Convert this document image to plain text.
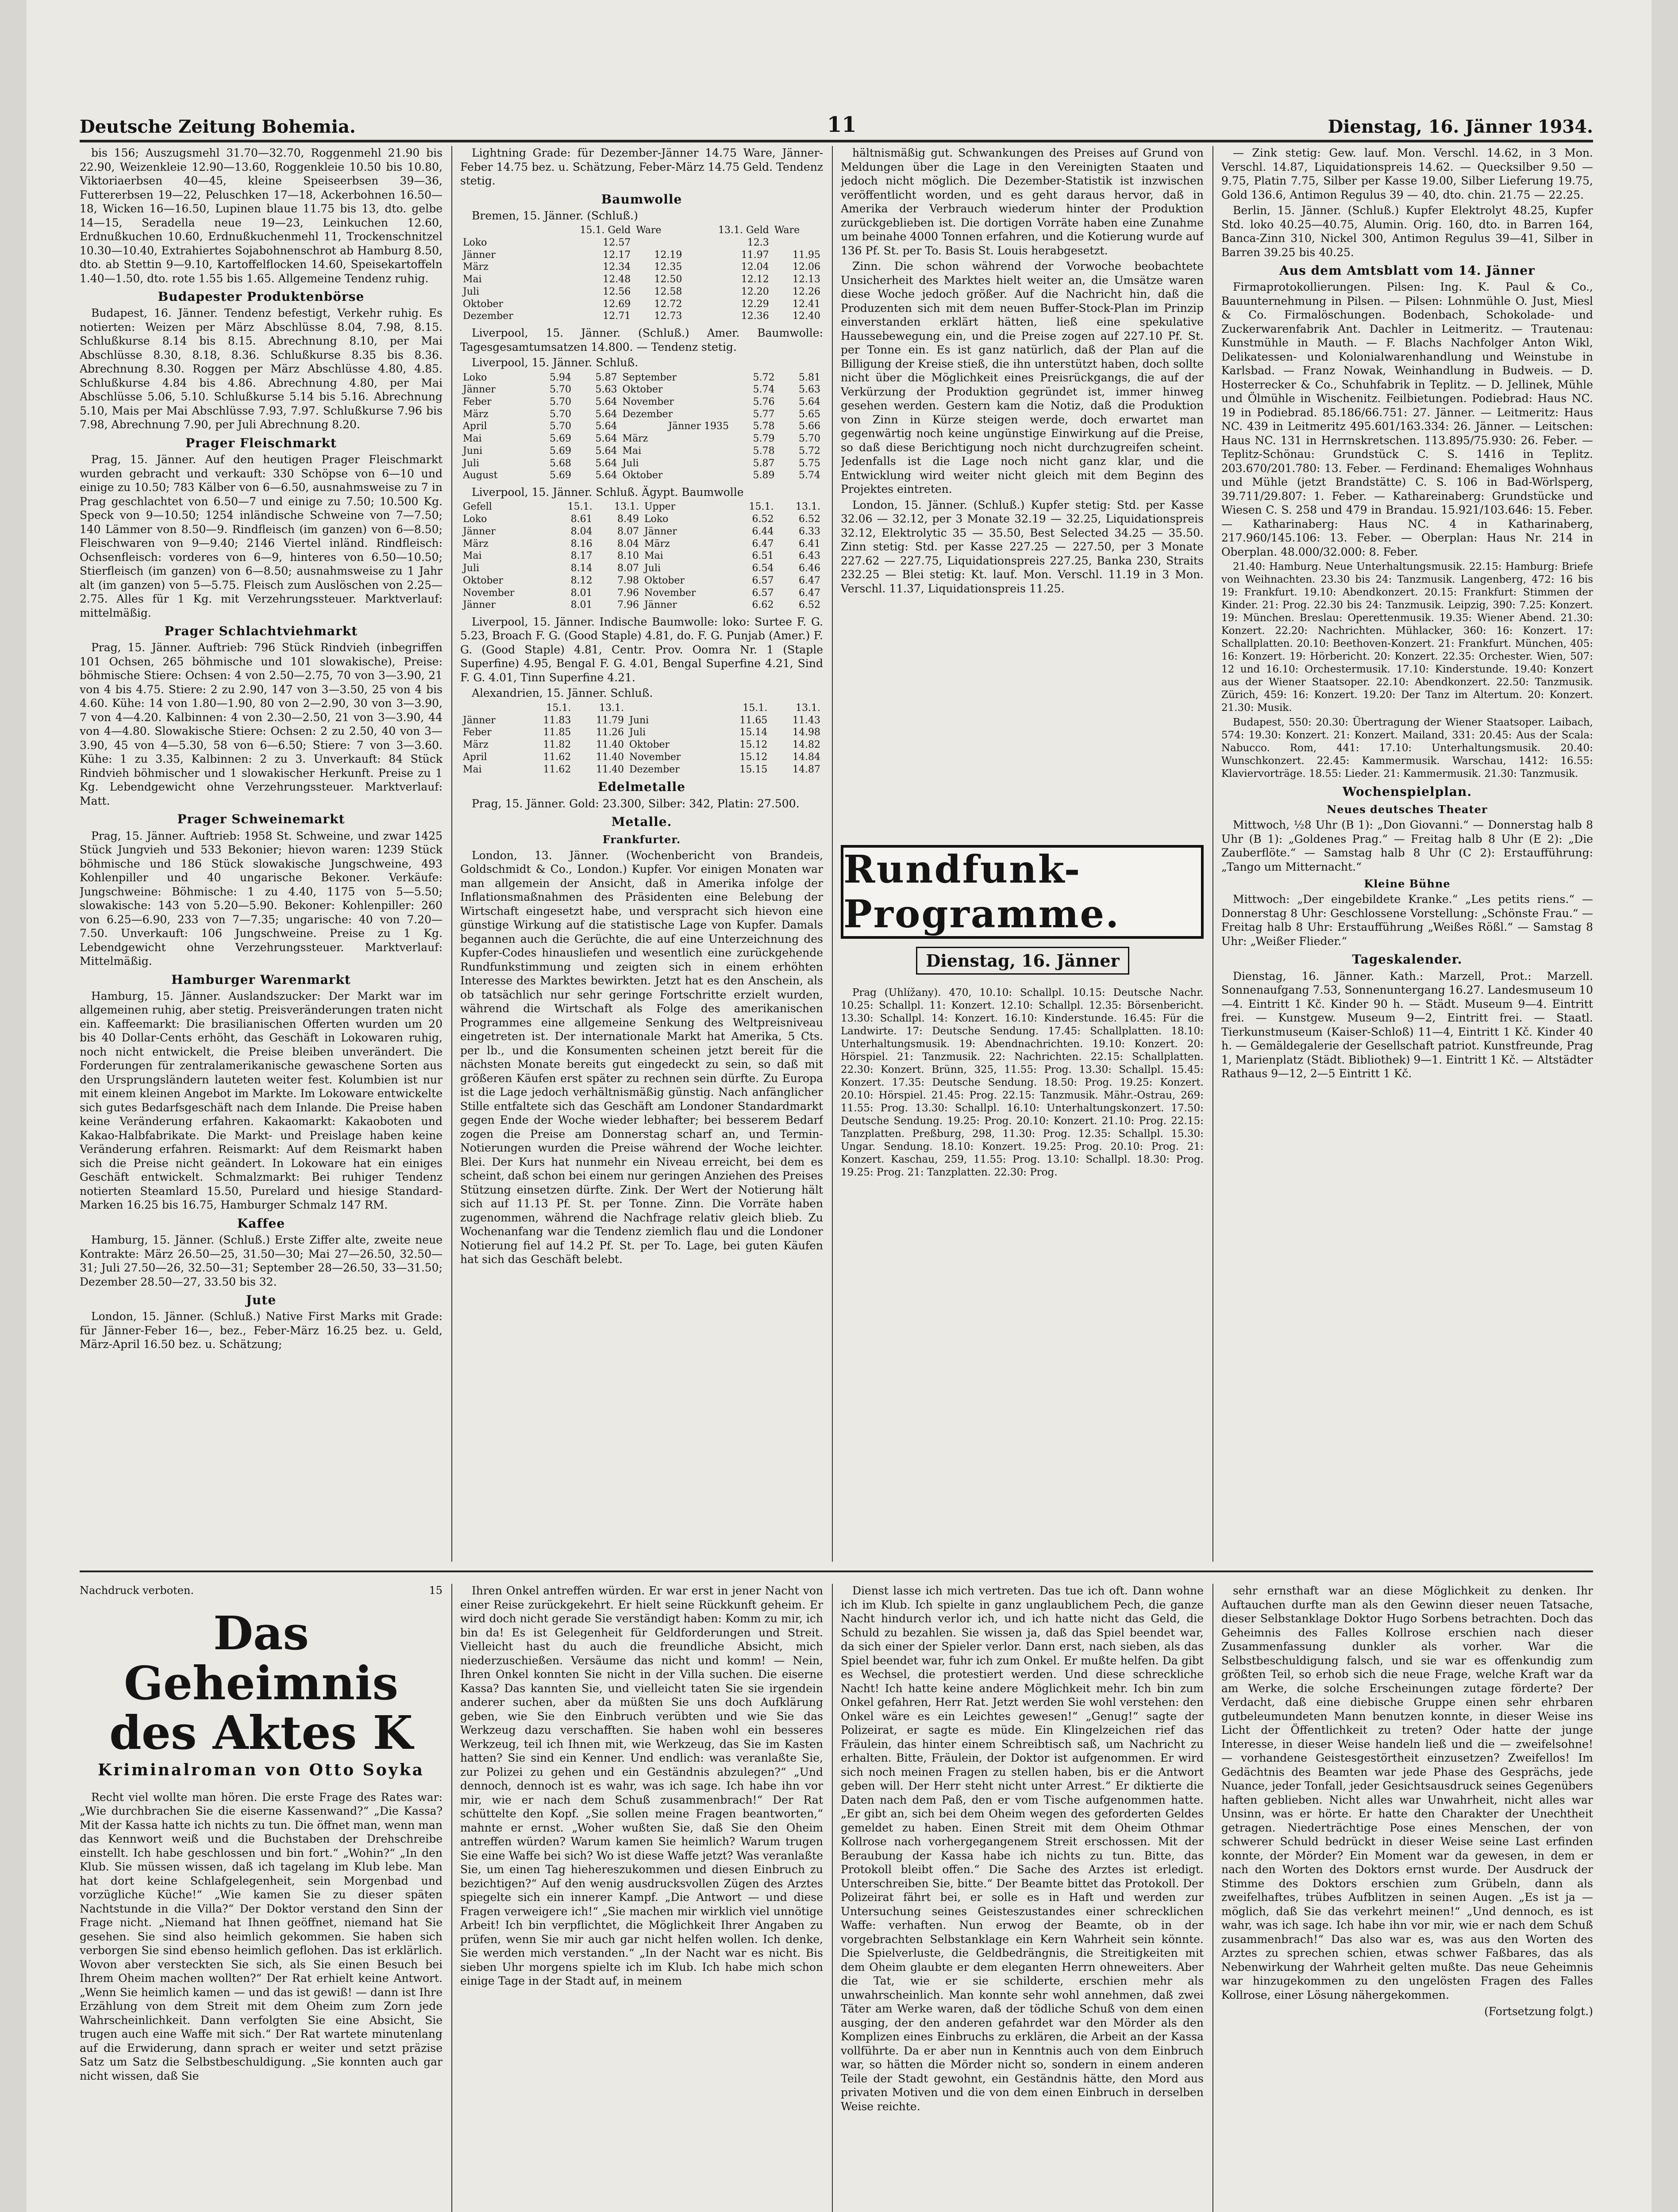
Deutsche Zeitung Bohemia.	11	Dienstag, 16. Jänner 1934.

bis 156; Auszugsmehl 31.70—32.70, Roggenmehl 21.90 bis 22.90, Weizenkleie 12.90—13.60, Roggenkleie 10.50 bis 10.80, Viktoriaerbsen 40—45, kleine Speiseerbsen 39—36, Futtererbsen 19—22, Peluschken 17—18, Ackerbohnen 16.50—18, Wicken 16—16.50, Lupinen blaue 11.75 bis 13, dto. gelbe 14—15, Seradella neue 19—23, Leinkuchen 12.60, Erdnußkuchen 10.60, Erdnußkuchenmehl 11, Trockenschnitzel 10.30—10.40, Extrahiertes Sojabohnenschrot ab Hamburg 8.50, dto. ab Stettin 9—9.10, Kartoffelflocken 14.60, Speisekartoffeln 1.40—1.50, dto. rote 1.55 bis 1.65. Allgemeine Tendenz ruhig.

Budapester Produktenbörse

Budapest, 16. Jänner. Tendenz befestigt, Verkehr ruhig. Es notierten: Weizen per März Abschlüsse 8.04, 7.98, 8.15. Schlußkurse 8.14 bis 8.15. Abrechnung 8.10, per Mai Abschlüsse 8.30, 8.18, 8.36. Schlußkurse 8.35 bis 8.36. Abrechnung 8.30. Roggen per März Abschlüsse 4.80, 4.85. Schlußkurse 4.84 bis 4.86. Abrechnung 4.80, per Mai Abschlüsse 5.06, 5.10. Schlußkurse 5.14 bis 5.16. Abrechnung 5.10, Mais per Mai Abschlüsse 7.93, 7.97. Schlußkurse 7.96 bis 7.98, Abrechnung 7.90, per Juli Abrechnung 8.20.

Prager Fleischmarkt

Prag, 15. Jänner. Auf den heutigen Prager Fleischmarkt wurden gebracht und verkauft: 330 Schöpse von 6—10 und einige zu 10.50; 783 Kälber von 6—6.50, ausnahmsweise zu 7 in Prag geschlachtet von 6.50—7 und einige zu 7.50; 10.500 Kg. Speck von 9—10.50; 1254 inländische Schweine von 7—7.50; 140 Lämmer von 8.50—9. Rindfleisch (im ganzen) von 6—8.50; Fleischwaren von 9—9.40; 2146 Viertel inländ. Rindfleisch: Ochsenfleisch: vorderes von 6—9, hinteres von 6.50—10.50; Stierfleisch (im ganzen) von 6—8.50; ausnahmsweise zu 1 Jahr alt (im ganzen) von 5—5.75. Fleisch zum Auslöschen von 2.25—2.75. Alles für 1 Kg. mit Verzehrungssteuer. Marktverlauf: mittelmäßig.

Prager Schlachtviehmarkt

Prag, 15. Jänner. Auftrieb: 796 Stück Rindvieh (inbegriffen 101 Ochsen, 265 böhmische und 101 slowakische), Preise: böhmische Stiere: Ochsen: 4 von 2.50—2.75, 70 von 3—3.90, 21 von 4 bis 4.75. Stiere: 2 zu 2.90, 147 von 3—3.50, 25 von 4 bis 4.60. Kühe: 14 von 1.80—1.90, 80 von 2—2.90, 30 von 3—3.90, 7 von 4—4.20. Kalbinnen: 4 von 2.30—2.50, 21 von 3—3.90, 44 von 4—4.80. Slowakische Stiere: Ochsen: 2 zu 2.50, 40 von 3—3.90, 45 von 4—5.30, 58 von 6—6.50; Stiere: 7 von 3—3.60. Kühe: 1 zu 3.35, Kalbinnen: 2 zu 3. Unverkauft: 84 Stück Rindvieh böhmischer und 1 slowakischer Herkunft. Preise zu 1 Kg. Lebendgewicht ohne Verzehrungssteuer. Marktverlauf: Matt.

Prager Schweinemarkt

Prag, 15. Jänner. Auftrieb: 1958 St. Schweine, und zwar 1425 Stück Jungvieh und 533 Bekonier; hievon waren: 1239 Stück böhmische und 186 Stück slowakische Jungschweine, 493 Kohlenpiller und 40 ungarische Bekoner. Verkäufe: Jungschweine: Böhmische: 1 zu 4.40, 1175 von 5—5.50; slowakische: 143 von 5.20—5.90. Bekoner: Kohlenpiller: 260 von 6.25—6.90, 233 von 7—7.35; ungarische: 40 von 7.20—7.50. Unverkauft: 106 Jungschweine. Preise zu 1 Kg. Lebendgewicht ohne Verzehrungssteuer. Marktverlauf: Mittelmäßig.

Hamburger Warenmarkt

Hamburg, 15. Jänner. Auslandszucker: Der Markt war im allgemeinen ruhig, aber stetig. Preisveränderungen traten nicht ein. Kaffeemarkt: Die brasilianischen Offerten wurden um 20 bis 40 Dollar-Cents erhöht, das Geschäft in Lokowaren ruhig, noch nicht entwickelt, die Preise bleiben unverändert. Die Forderungen für zentralamerikanische gewaschene Sorten aus den Ursprungsländern lauteten weiter fest. Kolumbien ist nur mit einem kleinen Angebot im Markte. Im Lokoware entwickelte sich gutes Bedarfsgeschäft nach dem Inlande. Die Preise haben keine Veränderung erfahren. Kakaomarkt: Kakaoboten und Kakao-Halbfabrikate. Die Markt- und Preislage haben keine Veränderung erfahren. Reismarkt: Auf dem Reismarkt haben sich die Preise nicht geändert. In Lokoware hat ein einiges Geschäft entwickelt. Schmalzmarkt: Bei ruhiger Tendenz notierten Steamlard 15.50, Purelard und hiesige Standard-Marken 16.25 bis 16.75, Hamburger Schmalz 147 RM.

Kaffee

Hamburg, 15. Jänner. (Schluß.) Erste Ziffer alte, zweite neue Kontrakte: März 26.50—25, 31.50—30; Mai 27—26.50, 32.50—31; Juli 27.50—26, 32.50—31; September 28—26.50, 33—31.50; Dezember 28.50—27, 33.50 bis 32.

Jute

London, 15. Jänner. (Schluß.) Native First Marks mit Grade: für Jänner-Feber 16—, bez., Feber-März 16.25 bez. u. Geld, März-April 16.50 bez. u. Schätzung;

Lightning Grade: für Dezember-Jänner 14.75 Ware, Jänner-Feber 14.75 bez. u. Schätzung, Feber-März 14.75 Geld. Tendenz stetig.

Baumwolle

Bremen, 15. Jänner. (Schluß.)

	15.1. Geld	Ware	13.1. Geld	Ware
Loko	12.57		12.3	
Jänner	12.17	12.19	11.97	11.95
März	12.34	12.35	12.04	12.06
Mai	12.48	12.50	12.12	12.13
Juli	12.56	12.58	12.20	12.26
Oktober	12.69	12.72	12.29	12.41
Dezember	12.71	12.73	12.36	12.40

Liverpool, 15. Jänner. (Schluß.) Amer. Baumwolle: Tagesgesamtumsatzen 14.800. — Tendenz stetig.

Liverpool, 15. Jänner. Schluß.

Loko	5.94	5.87	September	5.72	5.81
Jänner	5.70	5.63	Oktober	5.74	5.63
Feber	5.70	5.64	November	5.76	5.64
März	5.70	5.64	Dezember	5.77	5.65
April	5.70	5.64	Jänner 1935	5.78	5.66
Mai	5.69	5.64	März	5.79	5.70
Juni	5.69	5.64	Mai	5.78	5.72
Juli	5.68	5.64	Juli	5.87	5.75
August	5.69	5.64	Oktober	5.89	5.74

Liverpool, 15. Jänner. Schluß. Ägypt. Baumwolle

Gefell	15.1.	13.1.	Upper	15.1.	13.1.
Loko	8.61	8.49	Loko	6.52	6.52
Jänner	8.04	8.07	Jänner	6.44	6.33
März	8.16	8.04	März	6.47	6.41
Mai	8.17	8.10	Mai	6.51	6.43
Juli	8.14	8.07	Juli	6.54	6.46
Oktober	8.12	7.98	Oktober	6.57	6.47
November	8.01	7.96	November	6.57	6.47
Jänner	8.01	7.96	Jänner	6.62	6.52

Liverpool, 15. Jänner. Indische Baumwolle: loko: Surtee F. G. 5.23, Broach F. G. (Good Staple) 4.81, do. F. G. Punjab (Amer.) F. G. (Good Staple) 4.81, Centr. Prov. Oomra Nr. 1 (Staple Superfine) 4.95, Bengal F. G. 4.01, Bengal Superfine 4.21, Sind F. G. 4.01, Tinn Superfine 4.21.

Alexandrien, 15. Jänner. Schluß.

	15.1.	13.1.		15.1.	13.1.
Jänner	11.83	11.79	Juni	11.65	11.43
Feber	11.85	11.26	Juli	15.14	14.98
März	11.82	11.40	Oktober	15.12	14.82
April	11.62	11.40	November	15.12	14.84
Mai	11.62	11.40	Dezember	15.15	14.87
Edelmetalle

Prag, 15. Jänner. Gold: 23.300, Silber: 342, Platin: 27.500.

Metalle.
Frankfurter.

London, 13. Jänner. (Wochenbericht von Brandeis, Goldschmidt & Co., London.) Kupfer. Vor einigen Monaten war man allgemein der Ansicht, daß in Amerika infolge der Inflationsmaßnahmen des Präsidenten eine Belebung der Wirtschaft eingesetzt habe, und verspracht sich hievon eine günstige Wirkung auf die statistische Lage von Kupfer. Damals begannen auch die Gerüchte, die auf eine Unterzeichnung des Kupfer-Codes hinausliefen und wesentlich eine zurückgehende Rundfunkstimmung und zeigten sich in einem erhöhten Interesse des Marktes bewirkten. Jetzt hat es den Anschein, als ob tatsächlich nur sehr geringe Fortschritte erzielt wurden, während die Wirtschaft als Folge des amerikanischen Programmes eine allgemeine Senkung des Weltpreisniveau eingetreten ist. Der internationale Markt hat Amerika, 5 Cts. per lb., und die Konsumenten scheinen jetzt bereit für die nächsten Monate bereits gut eingedeckt zu sein, so daß mit größeren Käufen erst später zu rechnen sein dürfte. Zu Europa ist die Lage jedoch verhältnismäßig günstig. Nach anfänglicher Stille entfaltete sich das Geschäft am Londoner Standardmarkt gegen Ende der Woche wieder lebhafter; bei besserem Bedarf zogen die Preise am Donnerstag scharf an, und Termin-Notierungen wurden die Preise während der Woche leichter. Blei. Der Kurs hat nunmehr ein Niveau erreicht, bei dem es scheint, daß schon bei einem nur geringen Anziehen des Preises Stützung einsetzen dürfte. Zink. Der Wert der Notierung hält sich auf 11.13 Pf. St. per Tonne. Zinn. Die Vorräte haben zugenommen, während die Nachfrage relativ gleich blieb. Zu Wochenanfang war die Tendenz ziemlich flau und die Londoner Notierung fiel auf 14.2 Pf. St. per To. Lage, bei guten Käufen hat sich das Geschäft belebt.

hältnismäßig gut. Schwankungen des Preises auf Grund von Meldungen über die Lage in den Vereinigten Staaten und jedoch nicht möglich. Die Dezember-Statistik ist inzwischen veröffentlicht worden, und es geht daraus hervor, daß in Amerika der Verbrauch wiederum hinter der Produktion zurückgeblieben ist. Die dortigen Vorräte haben eine Zunahme um beinahe 4000 Tonnen erfahren, und die Kotierung wurde auf 136 Pf. St. per To. Basis St. Louis herabgesetzt.

Zinn. Die schon während der Vorwoche beobachtete Unsicherheit des Marktes hielt weiter an, die Umsätze waren diese Woche jedoch größer. Auf die Nachricht hin, daß die Produzenten sich mit dem neuen Buffer-Stock-Plan im Prinzip einverstanden erklärt hätten, ließ eine spekulative Haussebewegung ein, und die Preise zogen auf 227.10 Pf. St. per Tonne ein. Es ist ganz natürlich, daß der Plan auf die Billigung der Kreise stieß, die ihn unterstützt haben, doch sollte nicht über die Möglichkeit eines Preisrückgangs, die auf der Verkürzung der Produktion gegründet ist, immer hinweg gesehen werden. Gestern kam die Notiz, daß die Produktion von Zinn in Kürze steigen werde, doch erwartet man gegenwärtig noch keine ungünstige Einwirkung auf die Preise, so daß diese Berichtigung noch nicht durchzugreifen scheint. Jedenfalls ist die Lage noch nicht ganz klar, und die Entwicklung wird weiter nicht gleich mit dem Beginn des Projektes eintreten.

London, 15. Jänner. (Schluß.) Kupfer stetig: Std. per Kasse 32.06 — 32.12, per 3 Monate 32.19 — 32.25, Liquidationspreis 32.12, Elektrolytic 35 — 35.50, Best Selected 34.25 — 35.50. Zinn stetig: Std. per Kasse 227.25 — 227.50, per 3 Monate 227.62 — 227.75, Liquidationspreis 227.25, Banka 230, Straits 232.25 — Blei stetig: Kt. lauf. Mon. Verschl. 11.19 in 3 Mon. Verschl. 11.37, Liquidationspreis 11.25.

Rundfunk-Programme.
Dienstag, 16. Jänner

Prag (Uhlížany). 470, 10.10: Schallpl. 10.15: Deutsche Nachr. 10.25: Schallpl. 11: Konzert. 12.10: Schallpl. 12.35: Börsenbericht. 13.30: Schallpl. 14: Konzert. 16.10: Kinderstunde. 16.45: Für die Landwirte. 17: Deutsche Sendung. 17.45: Schallplatten. 18.10: Unterhaltungsmusik. 19: Abendnachrichten. 19.10: Konzert. 20: Hörspiel. 21: Tanzmusik. 22: Nachrichten. 22.15: Schallplatten. 22.30: Konzert. Brünn, 325, 11.55: Prog. 13.30: Schallpl. 15.45: Konzert. 17.35: Deutsche Sendung. 18.50: Prog. 19.25: Konzert. 20.10: Hörspiel. 21.45: Prog. 22.15: Tanzmusik. Mähr.-Ostrau, 269: 11.55: Prog. 13.30: Schallpl. 16.10: Unterhaltungskonzert. 17.50: Deutsche Sendung. 19.25: Prog. 20.10: Konzert. 21.10: Prog. 22.15: Tanzplatten. Preßburg, 298, 11.30: Prog. 12.35: Schallpl. 15.30: Ungar. Sendung. 18.10: Konzert. 19.25: Prog. 20.10: Prog. 21: Konzert. Kaschau, 259, 11.55: Prog. 13.10: Schallpl. 18.30: Prog. 19.25: Prog. 21: Tanzplatten. 22.30: Prog.

— Zink stetig: Gew. lauf. Mon. Verschl. 14.62, in 3 Mon. Verschl. 14.87, Liquidationspreis 14.62. — Quecksilber 9.50 — 9.75, Platin 7.75, Silber per Kasse 19.00, Silber Lieferung 19.75, Gold 136.6, Antimon Regulus 39 — 40, dto. chin. 21.75 — 22.25.

Berlin, 15. Jänner. (Schluß.) Kupfer Elektrolyt 48.25, Kupfer Std. loko 40.25—40.75, Alumin. Orig. 160, dto. in Barren 164, Banca-Zinn 310, Nickel 300, Antimon Regulus 39—41, Silber in Barren 39.25 bis 40.25.

Aus dem Amtsblatt vom 14. Jänner

Firmaprotokollierungen. Pilsen: Ing. K. Paul & Co., Bauunternehmung in Pilsen. — Pilsen: Lohnmühle O. Just, Miesl & Co. Firmalöschungen. Bodenbach, Schokolade- und Zuckerwarenfabrik Ant. Dachler in Leitmeritz. — Trautenau: Kunstmühle in Mauth. — F. Blachs Nachfolger Anton Wikl, Delikatessen- und Kolonialwarenhandlung und Weinstube in Karlsbad. — Franz Nowak, Weinhandlung in Budweis. — D. Hosterrecker & Co., Schuhfabrik in Teplitz. — D. Jellinek, Mühle und Ölmühle in Wischenitz. Feilbietungen. Podiebrad: Haus NC. 19 in Podiebrad. 85.186/66.751: 27. Jänner. — Leitmeritz: Haus NC. 439 in Leitmeritz 495.601/163.334: 26. Jänner. — Leitschen: Haus NC. 131 in Herrnskretschen. 113.895/75.930: 26. Feber. — Teplitz-Schönau: Grundstück C. S. 1416 in Teplitz. 203.670/201.780: 13. Feber. — Ferdinand: Ehemaliges Wohnhaus und Mühle (jetzt Brandstätte) C. S. 106 in Bad-Wörlsperg, 39.711/29.807: 1. Feber. — Kathareinaberg: Grundstücke und Wiesen C. S. 258 und 479 in Brandau. 15.921/103.646: 15. Feber. — Katharinaberg: Haus NC. 4 in Katharinaberg, 217.960/145.106: 13. Feber. — Oberplan: Haus Nr. 214 in Oberplan. 48.000/32.000: 8. Feber.

21.40: Hamburg. Neue Unterhaltungsmusik. 22.15: Hamburg: Briefe von Weihnachten. 23.30 bis 24: Tanzmusik. Langenberg, 472: 16 bis 19: Frankfurt. 19.10: Abendkonzert. 20.15: Frankfurt: Stimmen der Kinder. 21: Prog. 22.30 bis 24: Tanzmusik. Leipzig, 390: 7.25: Konzert. 19: München. Breslau: Operettenmusik. 19.35: Wiener Abend. 21.30: Konzert. 22.20: Nachrichten. Mühlacker, 360: 16: Konzert. 17: Schallplatten. 20.10: Beethoven-Konzert. 21: Frankfurt. München, 405: 16: Konzert. 19: Hörbericht. 20: Konzert. 22.35: Orchester. Wien, 507: 12 und 16.10: Orchestermusik. 17.10: Kinderstunde. 19.40: Konzert aus der Wiener Staatsoper. 22.10: Abendkonzert. 22.50: Tanzmusik. Zürich, 459: 16: Konzert. 19.20: Der Tanz im Altertum. 20: Konzert. 21.30: Musik.

Budapest, 550: 20.30: Übertragung der Wiener Staatsoper. Laibach, 574: 19.30: Konzert. 21: Konzert. Mailand, 331: 20.45: Aus der Scala: Nabucco. Rom, 441: 17.10: Unterhaltungsmusik. 20.40: Wunschkonzert. 22.45: Kammermusik. Warschau, 1412: 16.55: Klaviervorträge. 18.55: Lieder. 21: Kammermusik. 21.30: Tanzmusik.

Wochenspielplan.
Neues deutsches Theater

Mittwoch, ½8 Uhr (B 1): „Don Giovanni.“ — Donnerstag halb 8 Uhr (B 1): „Goldenes Prag.“ — Freitag halb 8 Uhr (E 2): „Die Zauberflöte.“ — Samstag halb 8 Uhr (C 2): Erstaufführung: „Tango um Mitternacht.“

Kleine Bühne

Mittwoch: „Der eingebildete Kranke.“ „Les petits riens.“ — Donnerstag 8 Uhr: Geschlossene Vorstellung: „Schönste Frau.“ — Freitag halb 8 Uhr: Erstaufführung „Weißes Rößl.“ — Samstag 8 Uhr: „Weißer Flieder.“

Tageskalender.

Dienstag, 16. Jänner. Kath.: Marzell, Prot.: Marzell. Sonnenaufgang 7.53, Sonnenuntergang 16.27. Landesmuseum 10—4. Eintritt 1 Kč. Kinder 90 h. — Städt. Museum 9—4. Eintritt frei. — Kunstgew. Museum 9—2, Eintritt frei. — Staatl. Tierkunstmuseum (Kaiser-Schloß) 11—4, Eintritt 1 Kč. Kinder 40 h. — Gemäldegalerie der Gesellschaft patriot. Kunstfreunde, Prag 1, Marienplatz (Städt. Bibliothek) 9—1. Eintritt 1 Kč. — Altstädter Rathaus 9—12, 2—5 Eintritt 1 Kč.

Nachdruck verboten.	15
Das Geheimnis des Aktes K
Kriminalroman von Otto Soyka

Recht viel wollte man hören. Die erste Frage des Rates war: „Wie durchbrachen Sie die eiserne Kassenwand?“ „Die Kassa? Mit der Kassa hatte ich nichts zu tun. Die öffnet man, wenn man das Kennwort weiß und die Buchstaben der Drehschreibe einstellt. Ich habe geschlossen und bin fort.“ „Wohin?“ „In den Klub. Sie müssen wissen, daß ich tagelang im Klub lebe. Man hat dort keine Schlafgelegenheit, sein Morgenbad und vorzügliche Küche!“ „Wie kamen Sie zu dieser späten Nachtstunde in die Villa?“ Der Doktor verstand den Sinn der Frage nicht. „Niemand hat Ihnen geöffnet, niemand hat Sie gesehen. Sie sind also heimlich gekommen. Sie haben sich verborgen Sie sind ebenso heimlich geflohen. Das ist erklärlich. Wovon aber versteckten Sie sich, als Sie einen Besuch bei Ihrem Oheim machen wollten?“ Der Rat erhielt keine Antwort. „Wenn Sie heimlich kamen — und das ist gewiß! — dann ist Ihre Erzählung von dem Streit mit dem Oheim zum Zorn jede Wahrscheinlichkeit. Dann verfolgten Sie eine Absicht, Sie trugen auch eine Waffe mit sich.“ Der Rat wartete minutenlang auf die Erwiderung, dann sprach er weiter und setzt präzise Satz um Satz die Selbstbeschuldigung. „Sie konnten auch gar nicht wissen, daß Sie

Ihren Onkel antreffen würden. Er war erst in jener Nacht von einer Reise zurückgekehrt. Er hielt seine Rückkunft geheim. Er wird doch nicht gerade Sie verständigt haben: Komm zu mir, ich bin da! Es ist Gelegenheit für Geldforderungen und Streit. Vielleicht hast du auch die freundliche Absicht, mich niederzuschießen. Versäume das nicht und komm! — Nein, Ihren Onkel konnten Sie nicht in der Villa suchen. Die eiserne Kassa? Das kannten Sie, und vielleicht taten Sie sie irgendein anderer suchen, aber da müßten Sie uns doch Aufklärung geben, wie Sie den Einbruch verübten und wie Sie das Werkzeug dazu verschafften. Sie haben wohl ein besseres Werkzeug, teil ich Ihnen mit, wie Werkzeug, das Sie im Kasten hatten? Sie sind ein Kenner. Und endlich: was veranlaßte Sie, zur Polizei zu gehen und ein Geständnis abzulegen?“ „Und dennoch, dennoch ist es wahr, was ich sage. Ich habe ihn vor mir, wie er nach dem Schuß zusammenbrach!“ Der Rat schüttelte den Kopf. „Sie sollen meine Fragen beantworten,“ mahnte er ernst. „Woher wußten Sie, daß Sie den Oheim antreffen würden? Warum kamen Sie heimlich? Warum trugen Sie eine Waffe bei sich? Wo ist diese Waffe jetzt? Was veranlaßte Sie, um einen Tag hiehereszukommen und diesen Einbruch zu bezichtigen?“ Auf den wenig ausdrucksvollen Zügen des Arztes spiegelte sich ein innerer Kampf. „Die Antwort — und diese Fragen verweigere ich!“ „Sie machen mir wirklich viel unnötige Arbeit! Ich bin verpflichtet, die Möglichkeit Ihrer Angaben zu prüfen, wenn Sie mir auch gar nicht helfen wollen. Ich denke, Sie werden mich verstanden.“ „In der Nacht war es nicht. Bis sieben Uhr morgens spielte ich im Klub. Ich habe mich schon einige Tage in der Stadt auf, in meinem

Dienst lasse ich mich vertreten. Das tue ich oft. Dann wohne ich im Klub. Ich spielte in ganz unglaublichem Pech, die ganze Nacht hindurch verlor ich, und ich hatte nicht das Geld, die Schuld zu bezahlen. Sie wissen ja, daß das Spiel beendet war, da sich einer der Spieler verlor. Dann erst, nach sieben, als das Spiel beendet war, fuhr ich zum Onkel. Er mußte helfen. Da gibt es Wechsel, die protestiert werden. Und diese schreckliche Nacht! Ich hatte keine andere Möglichkeit mehr. Ich bin zum Onkel gefahren, Herr Rat. Jetzt werden Sie wohl verstehen: den Onkel wäre es ein Leichtes gewesen!“ „Genug!“ sagte der Polizeirat, er sagte es müde. Ein Klingelzeichen rief das Fräulein, das hinter einem Schreibtisch saß, um Nachricht zu erhalten. Bitte, Fräulein, der Doktor ist aufgenommen. Er wird sich noch meinen Fragen zu stellen haben, bis er die Antwort geben will. Der Herr steht nicht unter Arrest.“ Er diktierte die Daten nach dem Paß, den er vom Tische aufgenommen hatte. „Er gibt an, sich bei dem Oheim wegen des geforderten Geldes gemeldet zu haben. Einen Streit mit dem Oheim Othmar Kollrose nach vorhergegangenem Streit erschossen. Mit der Beraubung der Kassa habe ich nichts zu tun. Bitte, das Protokoll bleibt offen.“ Die Sache des Arztes ist erledigt. Unterschreiben Sie, bitte.“ Der Beamte bittet das Protokoll. Der Polizeirat fährt bei, er solle es in Haft und werden zur Untersuchung seines Geisteszustandes einer schrecklichen Waffe: verhaften. Nun erwog der Beamte, ob in der vorgebrachten Selbstanklage ein Kern Wahrheit sein könnte. Die Spielverluste, die Geldbedrängnis, die Streitigkeiten mit dem Oheim glaubte er dem eleganten Herrn ohneweiters. Aber die Tat, wie er sie schilderte, erschien mehr als unwahrscheinlich. Man konnte sehr wohl annehmen, daß zwei Täter am Werke waren, daß der tödliche Schuß von dem einen ausging, der den anderen gefahrdet war den Mörder als den Komplizen eines Einbruchs zu erklären, die Arbeit an der Kassa vollführte. Da er aber nun in Kenntnis auch von dem Einbruch war, so hätten die Mörder nicht so, sondern in einem anderen Teile der Stadt gewohnt, ein Geständnis hätte, den Mord aus privaten Motiven und die von dem einen Einbruch in derselben Weise reichte.

sehr ernsthaft war an diese Möglichkeit zu denken. Ihr Auftauchen durfte man als den Gewinn dieser neuen Tatsache, dieser Selbstanklage Doktor Hugo Sorbens betrachten. Doch das Geheimnis des Falles Kollrose erschien nach dieser Zusammenfassung dunkler als vorher. War die Selbstbeschuldigung falsch, und sie war es offenkundig zum größten Teil, so erhob sich die neue Frage, welche Kraft war da am Werke, die solche Erscheinungen zutage förderte? Der Verdacht, daß eine diebische Gruppe einen sehr ehrbaren gutbeleumundeten Mann benutzen konnte, in dieser Weise ins Licht der Öffentlichkeit zu treten? Oder hatte der junge Interesse, in dieser Weise handeln ließ und die — zweifelsohne! — vorhandene Geistesgestörtheit einzusetzen? Zweifellos! Im Gedächtnis des Beamten war jede Phase des Gesprächs, jede Nuance, jeder Tonfall, jeder Gesichtsausdruck seines Gegenübers haften geblieben. Nicht alles war Unwahrheit, nicht alles war Unsinn, was er hörte. Er hatte den Charakter der Unechtheit getragen. Niederträchtige Pose eines Menschen, der von schwerer Schuld bedrückt in dieser Weise seine Last erfinden konnte, der Mörder? Ein Moment war da gewesen, in dem er nach den Worten des Doktors ernst wurde. Der Ausdruck der Stimme des Doktors erschien zum Grübeln, dann als zweifelhaftes, trübes Aufblitzen in seinen Augen. „Es ist ja — möglich, daß Sie das verkehrt meinen!“ „Und dennoch, es ist wahr, was ich sage. Ich habe ihn vor mir, wie er nach dem Schuß zusammenbrach!“ Das also war es, was aus den Worten des Arztes zu sprechen schien, etwas schwer Faßbares, das als Nebenwirkung der Wahrheit gelten mußte. Das neue Geheimnis war hinzugekommen zu den ungelösten Fragen des Falles Kollrose, einer Lösung nähergekommen.

(Fortsetzung folgt.)
